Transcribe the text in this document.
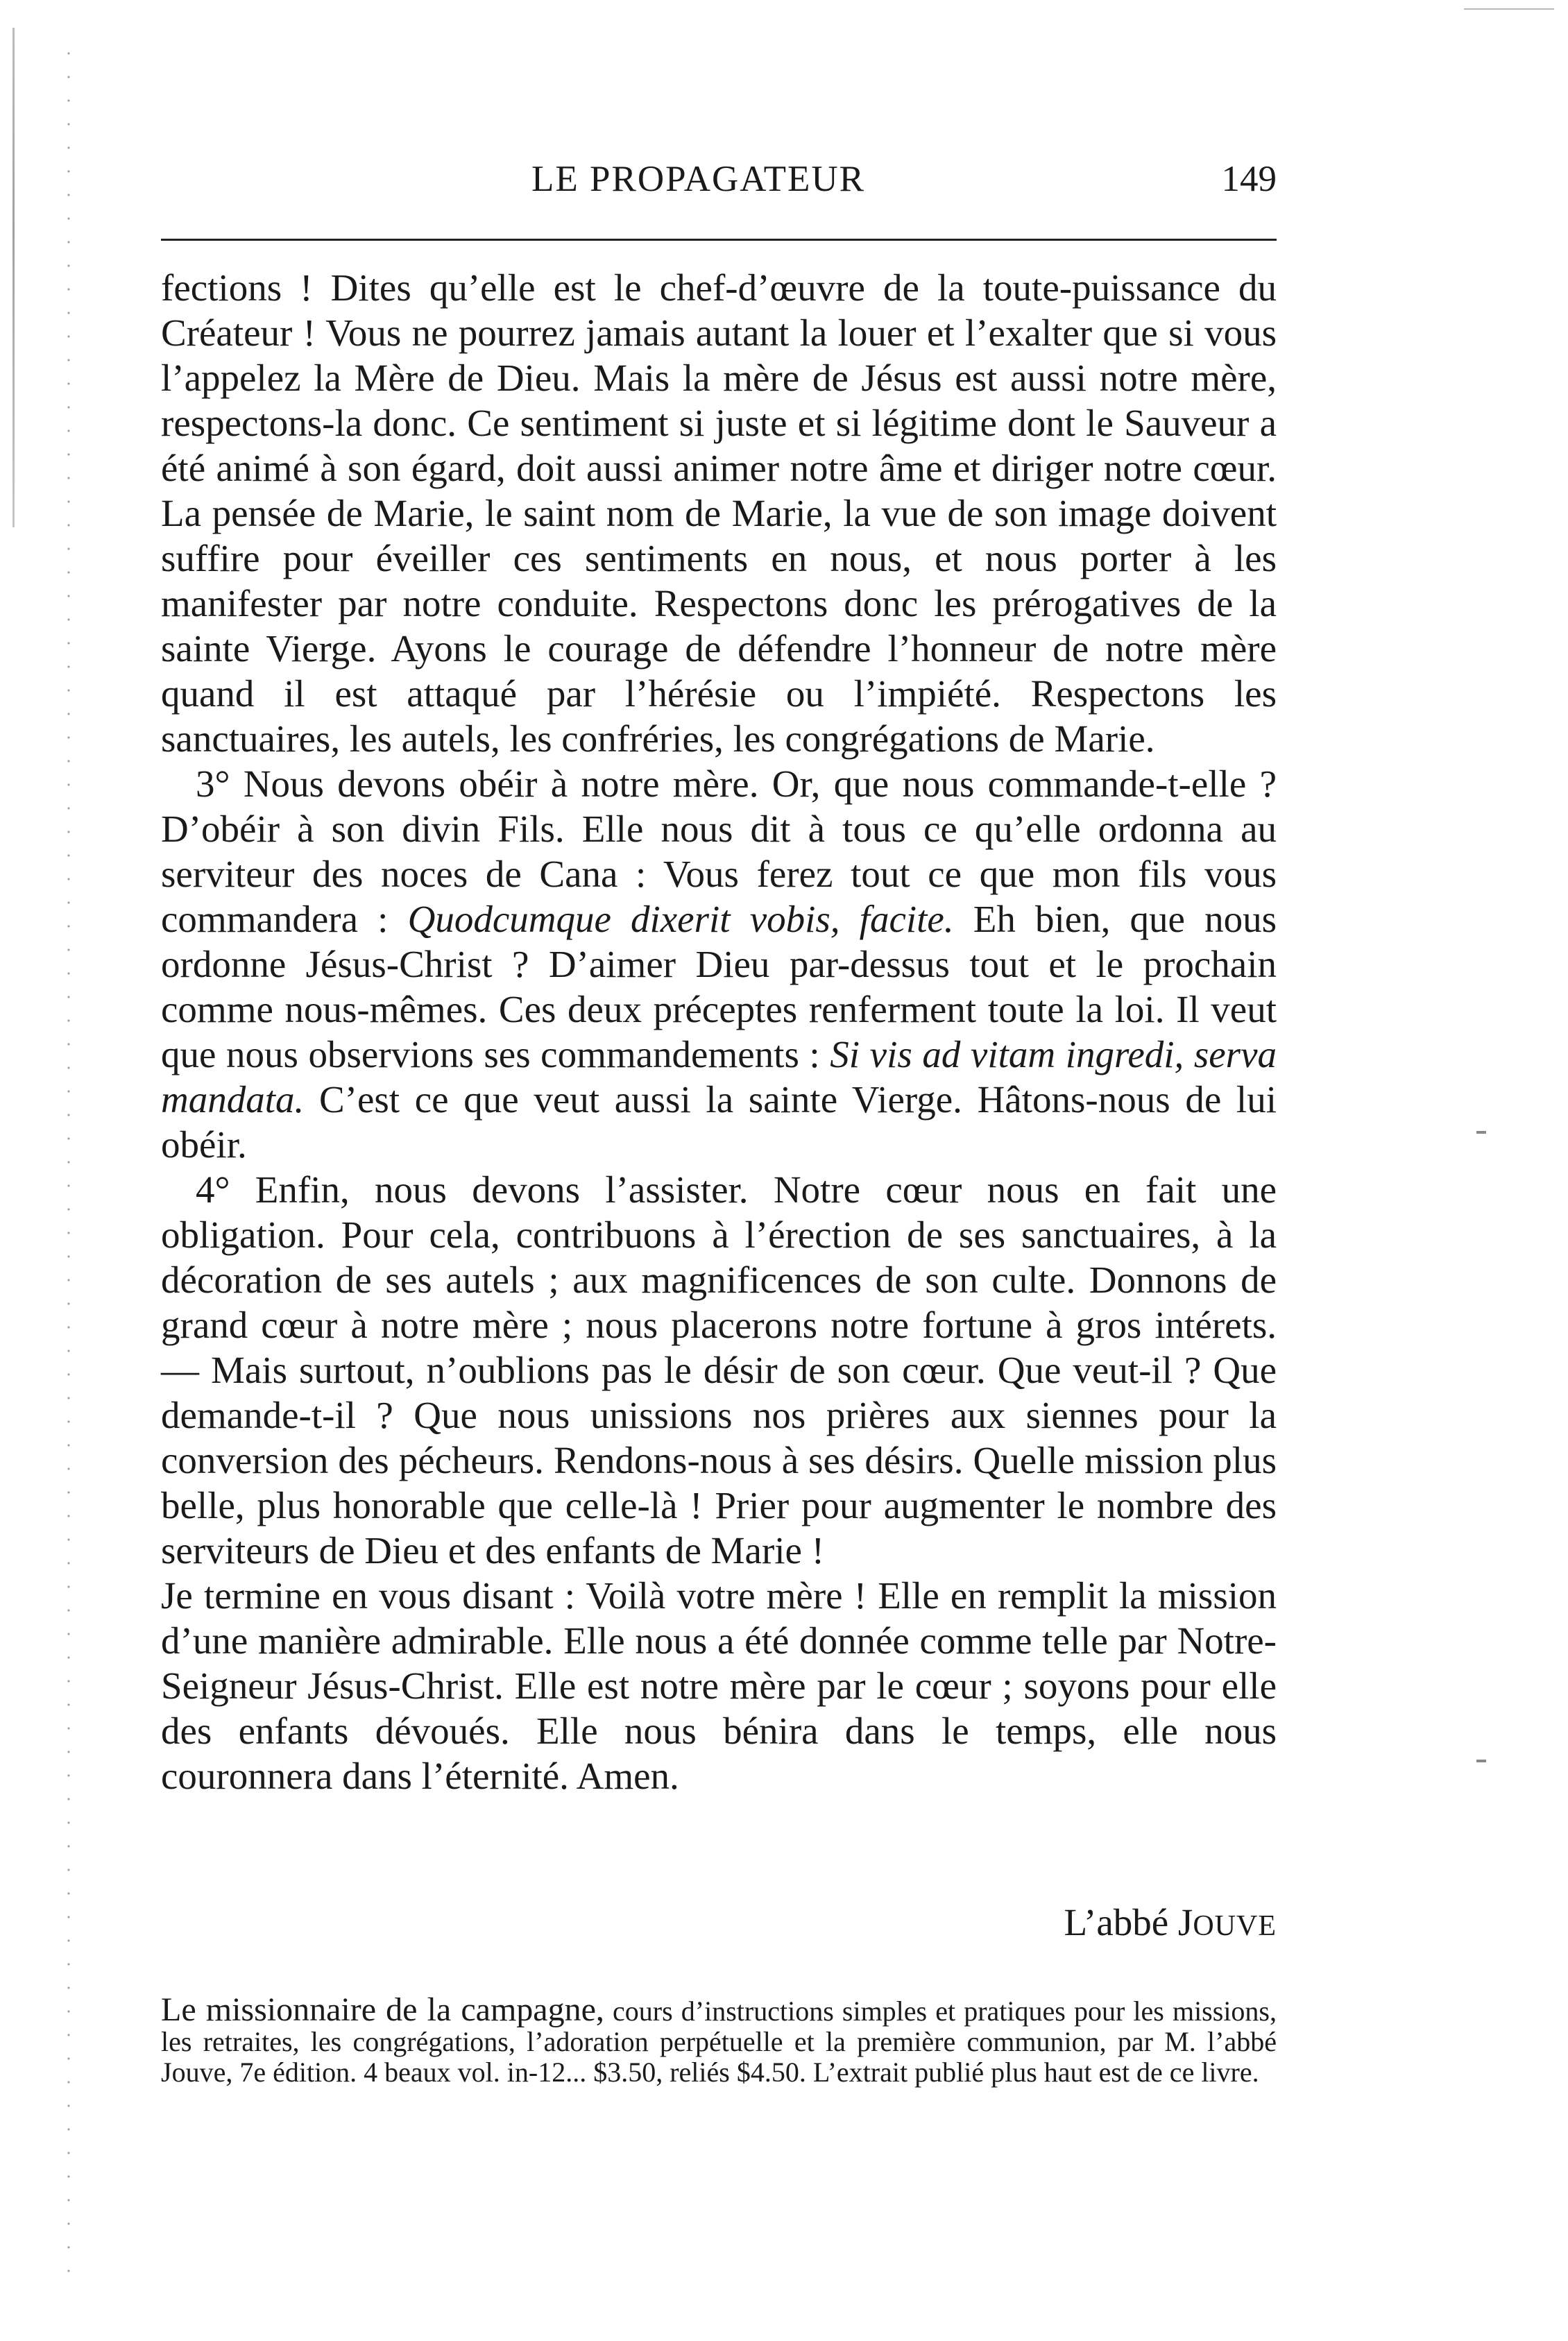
LE PROPAGATEUR	149

fections ! Dites qu’elle est le chef-d’œuvre de la toute-puissance du Créateur ! Vous ne pourrez jamais autant la louer et l’exalter que si vous l’appelez la Mère de Dieu. Mais la mère de Jésus est aussi notre mère, respectons-la donc. Ce sentiment si juste et si légitime dont le Sauveur a été animé à son égard, doit aussi animer notre âme et diriger notre cœur. La pensée de Marie, le saint nom de Marie, la vue de son image doivent suffire pour éveiller ces sentiments en nous, et nous porter à les manifester par notre conduite. Respectons donc les prérogatives de la sainte Vierge. Ayons le courage de défendre l’honneur de notre mère quand il est attaqué par l’hérésie ou l’impiété. Respectons les sanctuaires, les autels, les confréries, les congrégations de Marie.

3° Nous devons obéir à notre mère. Or, que nous commande-t-elle ? D’obéir à son divin Fils. Elle nous dit à tous ce qu’elle ordonna au serviteur des noces de Cana : Vous ferez tout ce que mon fils vous commandera : Quodcumque dixerit vobis, facite. Eh bien, que nous ordonne Jésus-Christ ? D’aimer Dieu par-dessus tout et le prochain comme nous-mêmes. Ces deux préceptes renferment toute la loi. Il veut que nous observions ses commandements : Si vis ad vitam ingredi, serva mandata. C’est ce que veut aussi la sainte Vierge. Hâtons-nous de lui obéir.

4° Enfin, nous devons l’assister. Notre cœur nous en fait une obligation. Pour cela, contribuons à l’érection de ses sanctuaires, à la décoration de ses autels ; aux magnificences de son culte. Donnons de grand cœur à notre mère ; nous placerons notre fortune à gros intérets. — Mais surtout, n’oublions pas le désir de son cœur. Que veut-il ? Que demande-t-il ? Que nous unissions nos prières aux siennes pour la conversion des pécheurs. Rendons-nous à ses désirs. Quelle mission plus belle, plus honorable que celle-là ! Prier pour augmenter le nombre des serviteurs de Dieu et des enfants de Marie !

Je termine en vous disant : Voilà votre mère ! Elle en remplit la mission d’une manière admirable. Elle nous a été donnée comme telle par Notre-Seigneur Jésus-Christ. Elle est notre mère par le cœur ; soyons pour elle des enfants dévoués. Elle nous bénira dans le temps, elle nous couronnera dans l’éternité. Amen.

L’abbé JOUVE

Le missionnaire de la campagne, cours d’instructions simples et pratiques pour les missions, les retraites, les congrégations, l’adoration perpétuelle et la première communion, par M. l’abbé Jouve, 7e édition. 4 beaux vol. in-12... $3.50, reliés $4.50. L’extrait publié plus haut est de ce livre.
